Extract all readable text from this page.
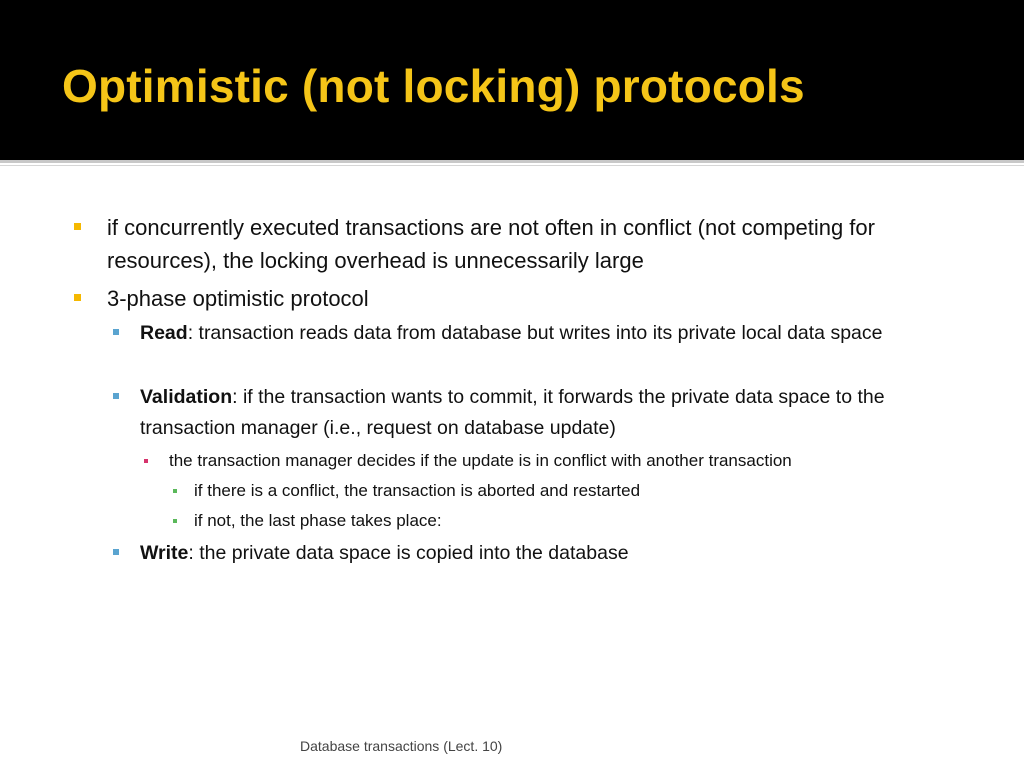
Optimistic (not locking) protocols
if concurrently executed transactions are not often in conflict (not competing for resources), the locking overhead is unnecessarily large
3-phase optimistic protocol
Read: transaction reads data from database but writes into its private local data space
Validation: if the transaction wants to commit, it forwards the private data space to the transaction manager (i.e., request on database update)
the transaction manager decides if the update is in conflict with another transaction
if there is a conflict, the transaction is aborted and restarted
if not, the last phase takes place:
Write: the private data space is copied into the database
Database transactions (Lect. 10)
